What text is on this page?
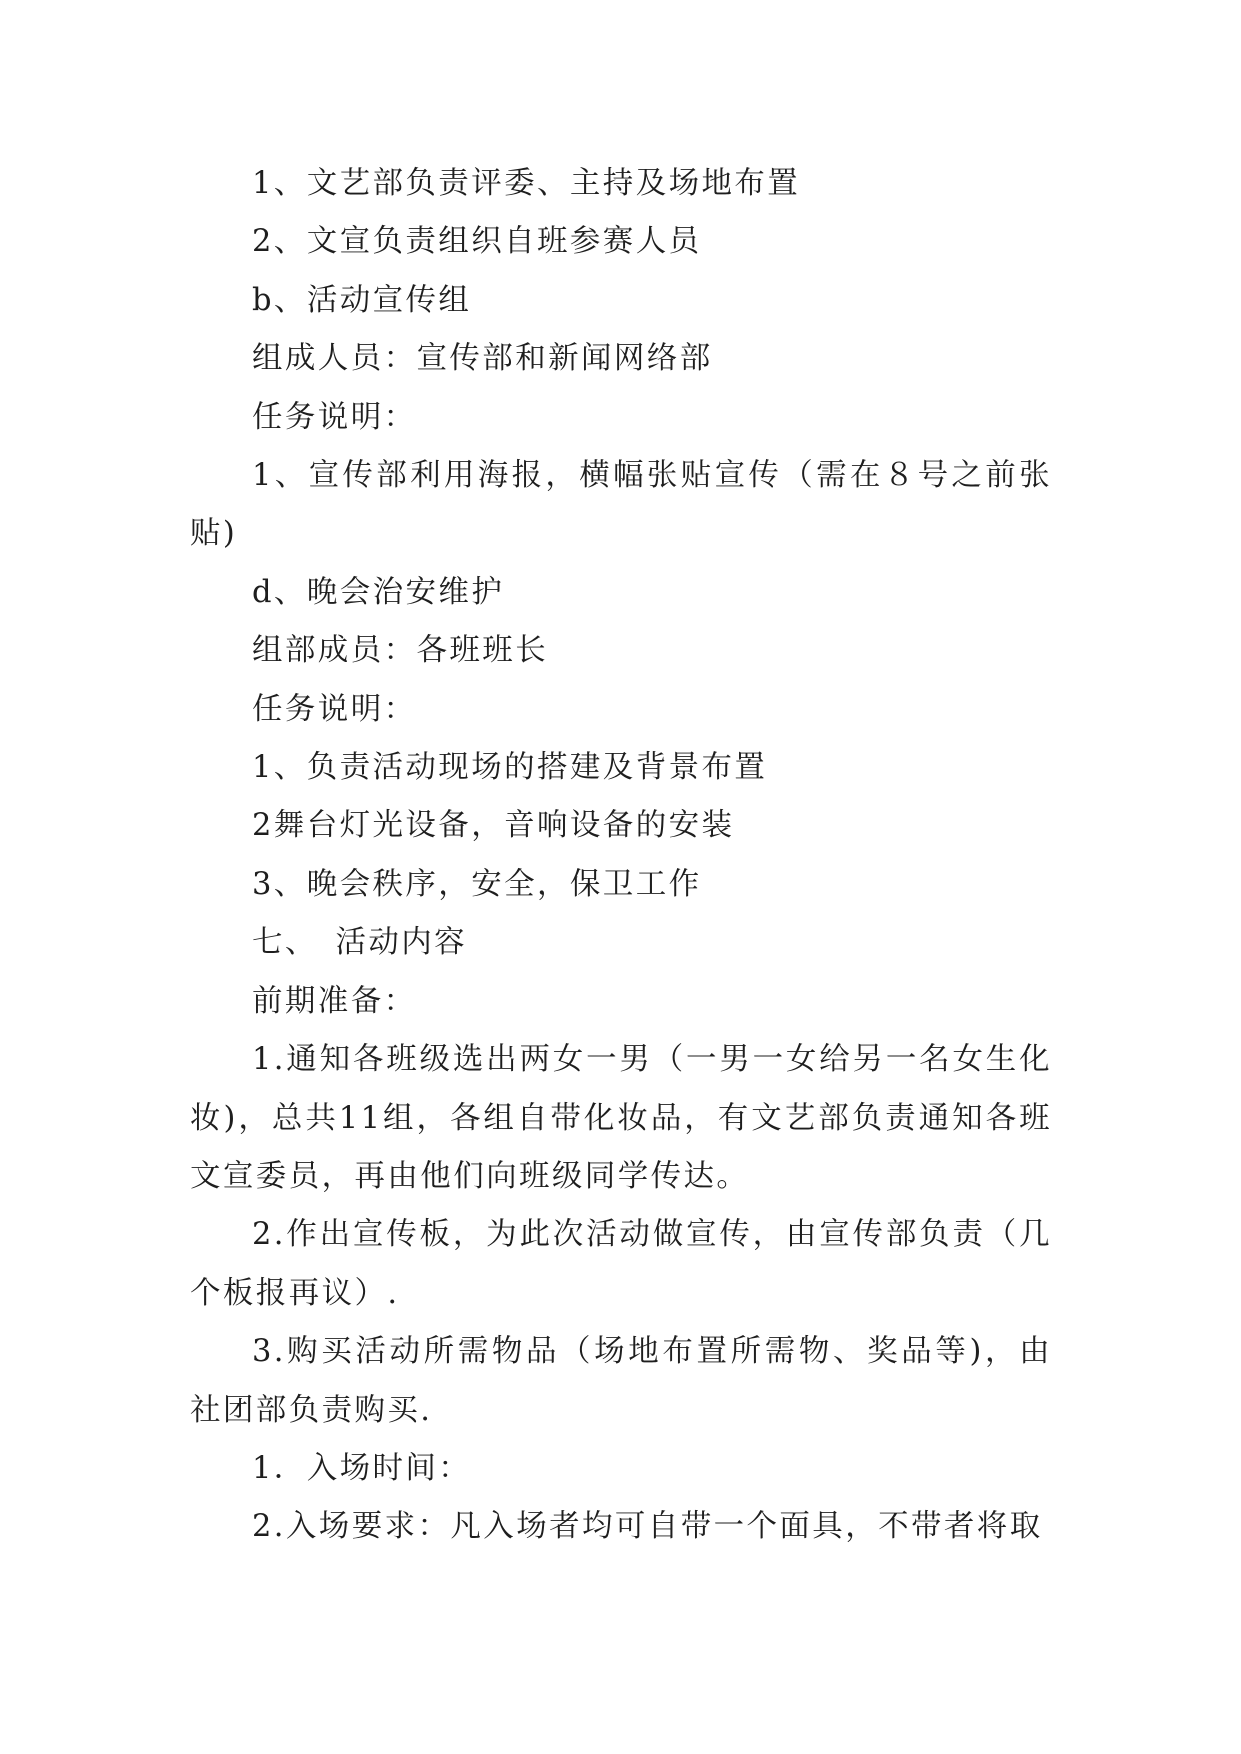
1、文艺部负责评委、主持及场地布置

2、文宣负责组织自班参赛人员

b、活动宣传组

组成人员：宣传部和新闻网络部

任务说明：

1、宣传部利用海报，横幅张贴宣传（需在８号之前张贴)

d、晚会治安维护

组部成员：各班班长

任务说明：

1、负责活动现场的搭建及背景布置

2舞台灯光设备，音响设备的安装

3、晚会秩序，安全，保卫工作

七、　活动内容

前期准备：

1.通知各班级选出两女一男（一男一女给另一名女生化妆)，总共11组，各组自带化妆品，有文艺部负责通知各班文宣委员，再由他们向班级同学传达。

2.作出宣传板，为此次活动做宣传，由宣传部负责（几个板报再议）.

3.购买活动所需物品（场地布置所需物、奖品等)，由社团部负责购买.

1．入场时间：

2.入场要求：凡入场者均可自带一个面具，不带者将取
